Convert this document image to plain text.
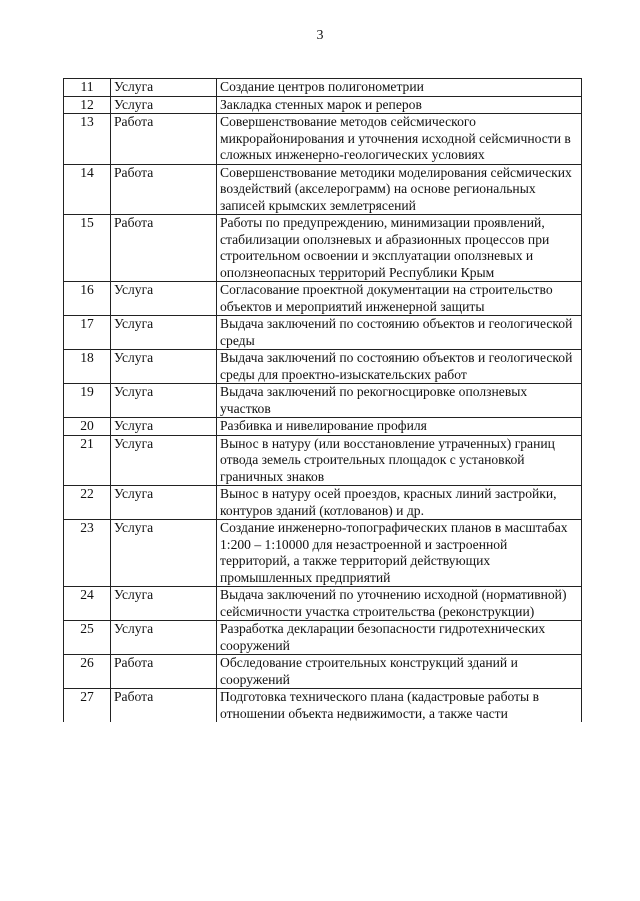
3
11	Услуга	Создание центров полигонометрии
12	Услуга	Закладка стенных марок и реперов
13	Работа	Совершенствование методов сейсмического микрорайонирования и уточнения исходной сейсмичности в сложных инженерно-геологических условиях
14	Работа	Совершенствование методики моделирования сейсмических воздействий (акселерограмм) на основе региональных записей крымских землетрясений
15	Работа	Работы по предупреждению, минимизации проявлений, стабилизации оползневых и абразионных процессов при строительном освоении и эксплуатации оползневых и оползнеопасных территорий Республики Крым
16	Услуга	Согласование проектной документации на строительство объектов и мероприятий инженерной защиты
17	Услуга	Выдача заключений по состоянию объектов и геологической среды
18	Услуга	Выдача заключений по состоянию объектов и геологической среды для проектно-изыскательских работ
19	Услуга	Выдача заключений по рекогносцировке оползневых участков
20	Услуга	Разбивка и нивелирование профиля
21	Услуга	Вынос в натуру (или восстановление утраченных) границ отвода земель строительных площадок с установкой граничных знаков
22	Услуга	Вынос в натуру осей проездов, красных линий застройки, контуров зданий (котлованов) и др.
23	Услуга	Создание инженерно-топографических планов в масштабах 1:200 – 1:10000 для незастроенной и застроенной территорий, а также территорий действующих промышленных предприятий
24	Услуга	Выдача заключений по уточнению исходной (нормативной) сейсмичности участка строительства (реконструкции)
25	Услуга	Разработка декларации безопасности гидротехнических сооружений
26	Работа	Обследование строительных конструкций зданий и сооружений
27	Работа	Подготовка технического плана (кадастровые работы в отношении объекта недвижимости, а также части
